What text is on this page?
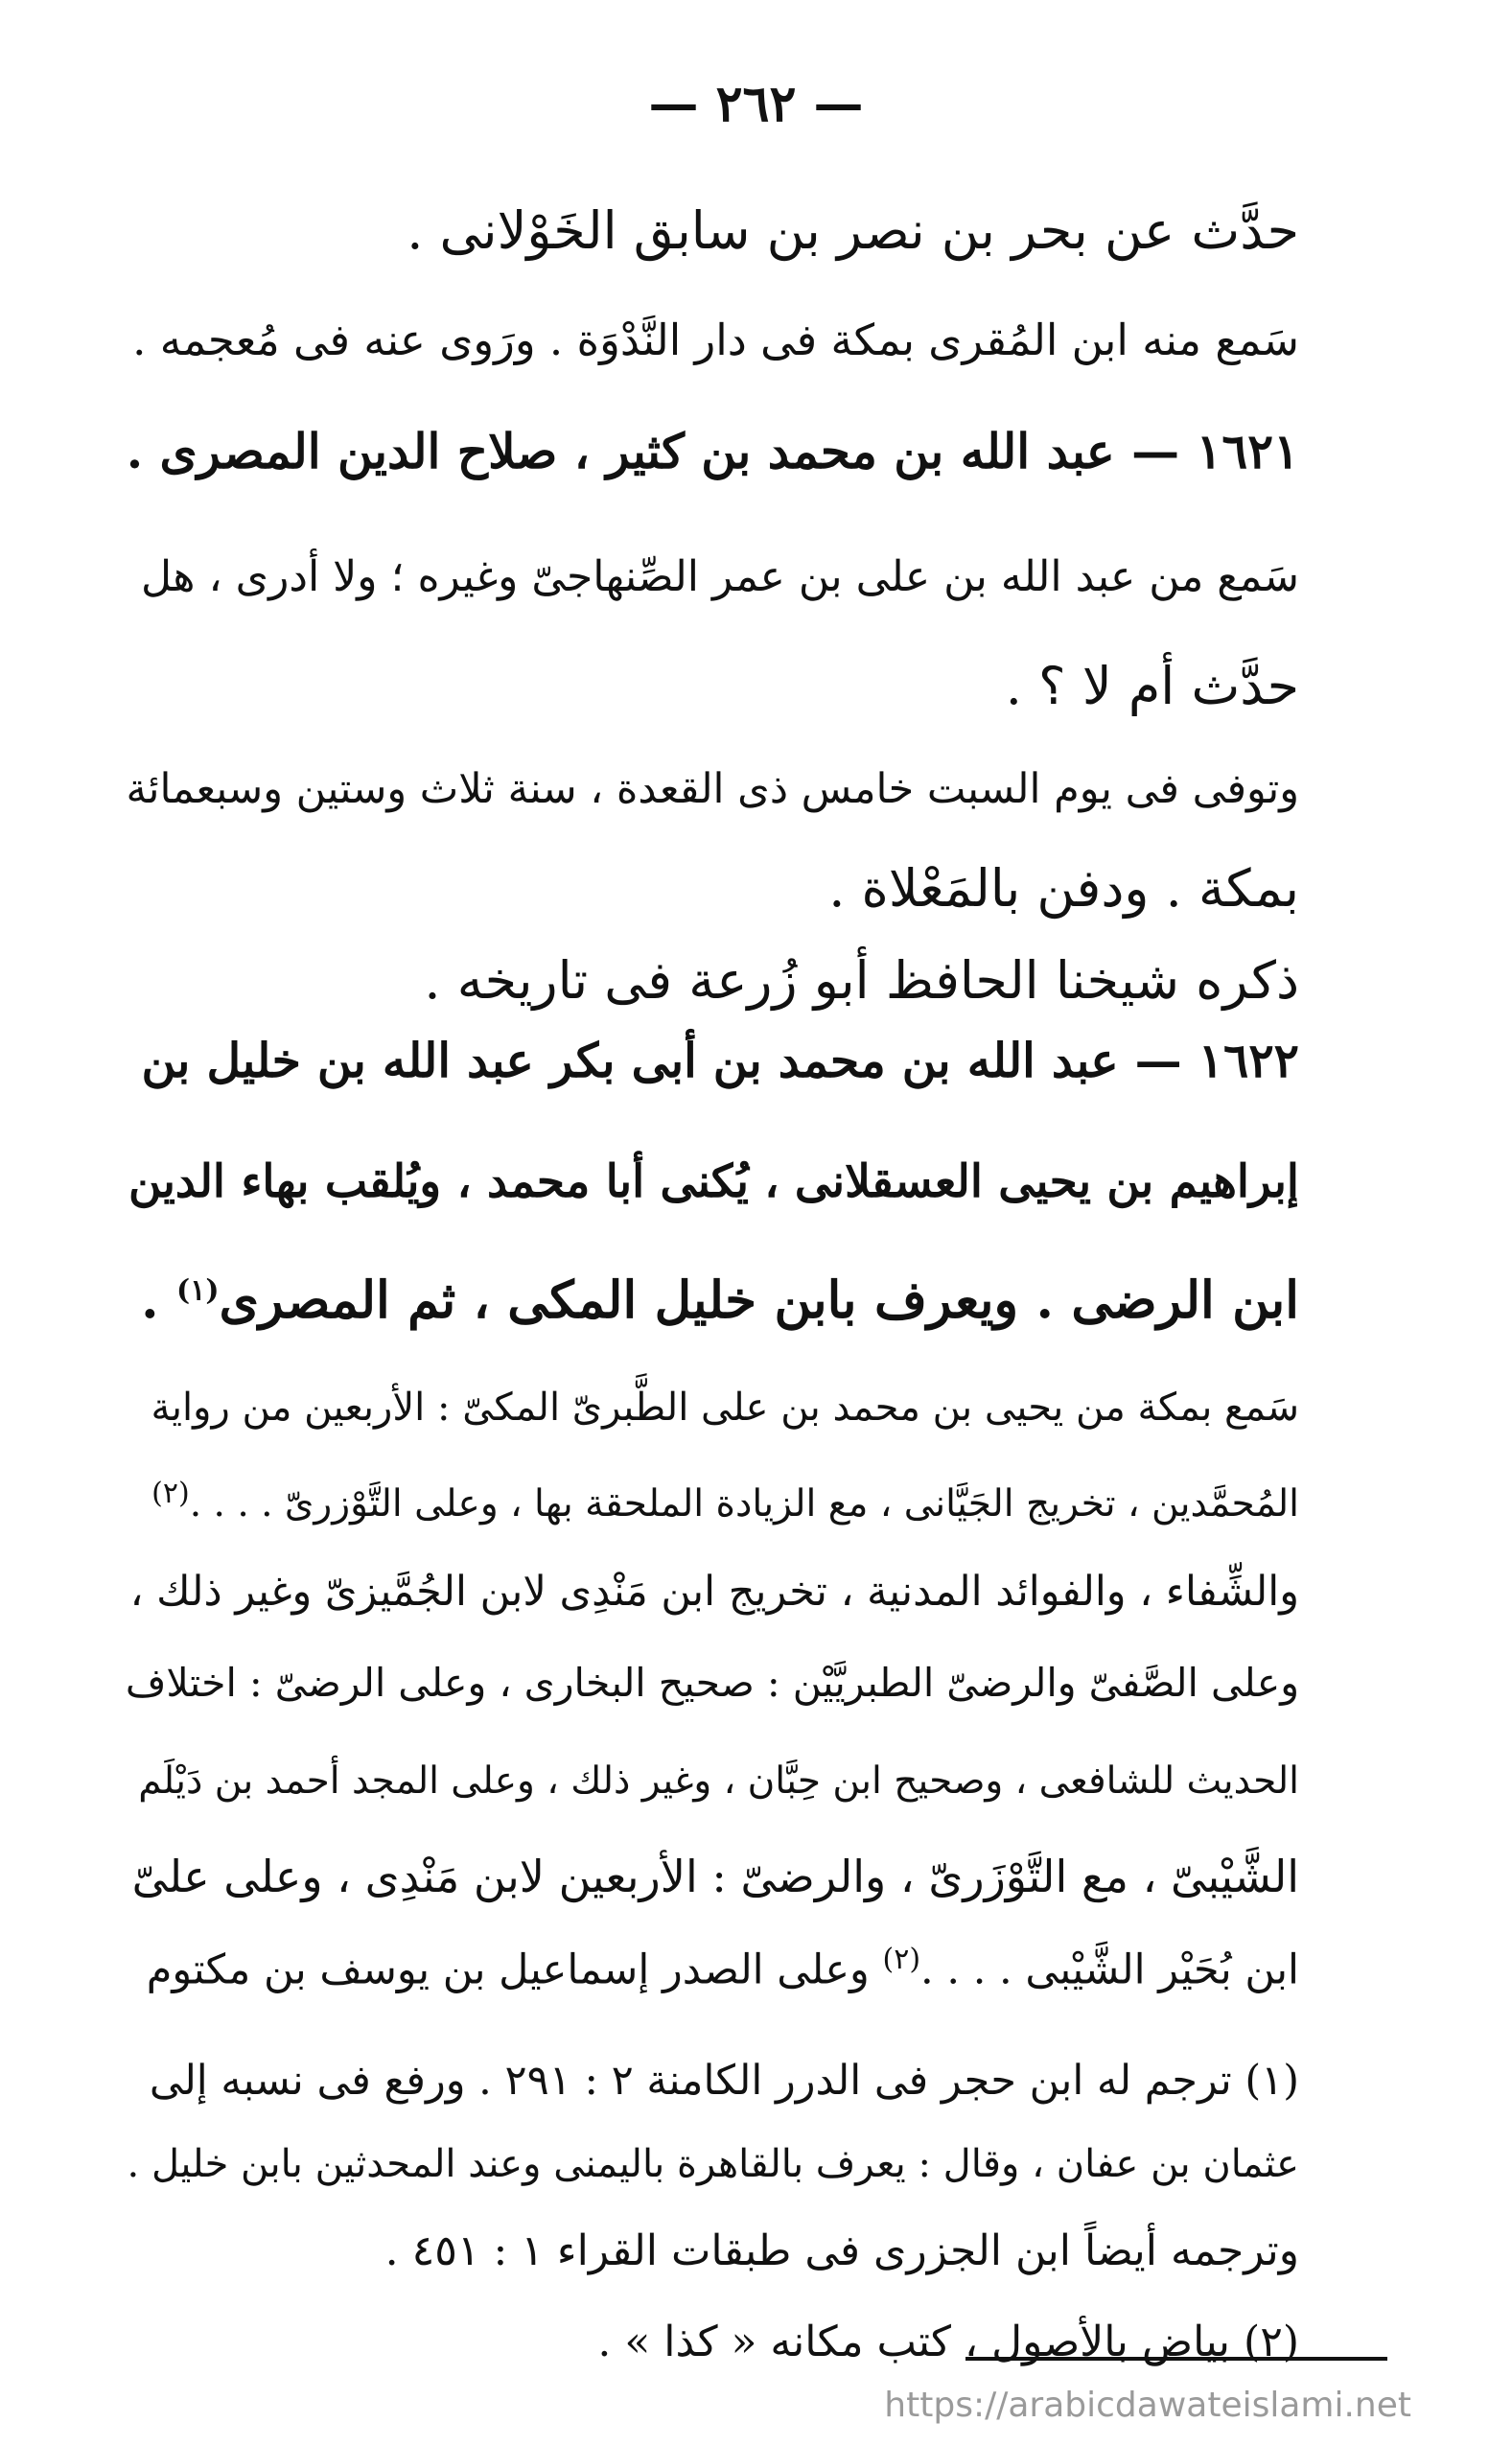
— ٢٦٢ —
حدَّث عن بحر بن نصر بن سابق الخَوْلانى .
سَمع منه ابن المُقرى بمكة فى دار النَّدْوَة . ورَوى عنه فى مُعجمه .
١٦٢١ — عبد الله بن محمد بن كثير ، صلاح الدين المصرى .
سَمع من عبد الله بن على بن عمر الصِّنهاجىّ وغيره ؛ ولا أدرى ، هل
حدَّث أم لا ؟ .
وتوفى فى يوم السبت خامس ذى القعدة ، سنة ثلاث وستين وسبعمائة
بمكة . ودفن بالمَعْلاة .
ذكره شيخنا الحافظ أبو زُرعة فى تاريخه .
١٦٢٢ — عبد الله بن محمد بن أبى بكر عبد الله بن خليل بن
إبراهيم بن يحيى العسقلانى ، يُكنى أبا محمد ، ويُلقب بهاء الدين
ابن الرضى . ويعرف بابن خليل المكى ، ثم المصرى$^{(١)}$ .
سَمع بمكة من يحيى بن محمد بن على الطَّبرىّ المكىّ : الأربعين من رواية
المُحمَّدين ، تخريج الجَيَّانى ، مع الزيادة الملحقة بها ، وعلى التَّوْزرىّ . . . .$^{(٢)}$
والشِّفاء ، والفوائد المدنية ، تخريج ابن مَنْدِى لابن الجُمَّيزىّ وغير ذلك ،
وعلى الصَّفىّ والرضىّ الطبريَّيْن : صحيح البخارى ، وعلى الرضىّ : اختلاف
الحديث للشافعى ، وصحيح ابن حِبَّان ، وغير ذلك ، وعلى المجد أحمد بن دَيْلَم
الشَّيْبىّ ، مع التَّوْزَرىّ ، والرضىّ : الأربعين لابن مَنْدِى ، وعلى علىّ
ابن بُحَيْر الشَّيْبى . . . .$^{(٢)}$ وعلى الصدر إسماعيل بن يوسف بن مكتوم
(١) ترجم له ابن حجر فى الدرر الكامنة ٢ : ٢٩١ . ورفع فى نسبه إلى
عثمان بن عفان ، وقال : يعرف بالقاهرة باليمنى وعند المحدثين بابن خليل .
وترجمه أيضاً ابن الجزرى فى طبقات القراء ١ : ٤٥١ .
(٢) بياض بالأصول ، كتب مكانه « كذا » .
https://arabicdawateislami.net
